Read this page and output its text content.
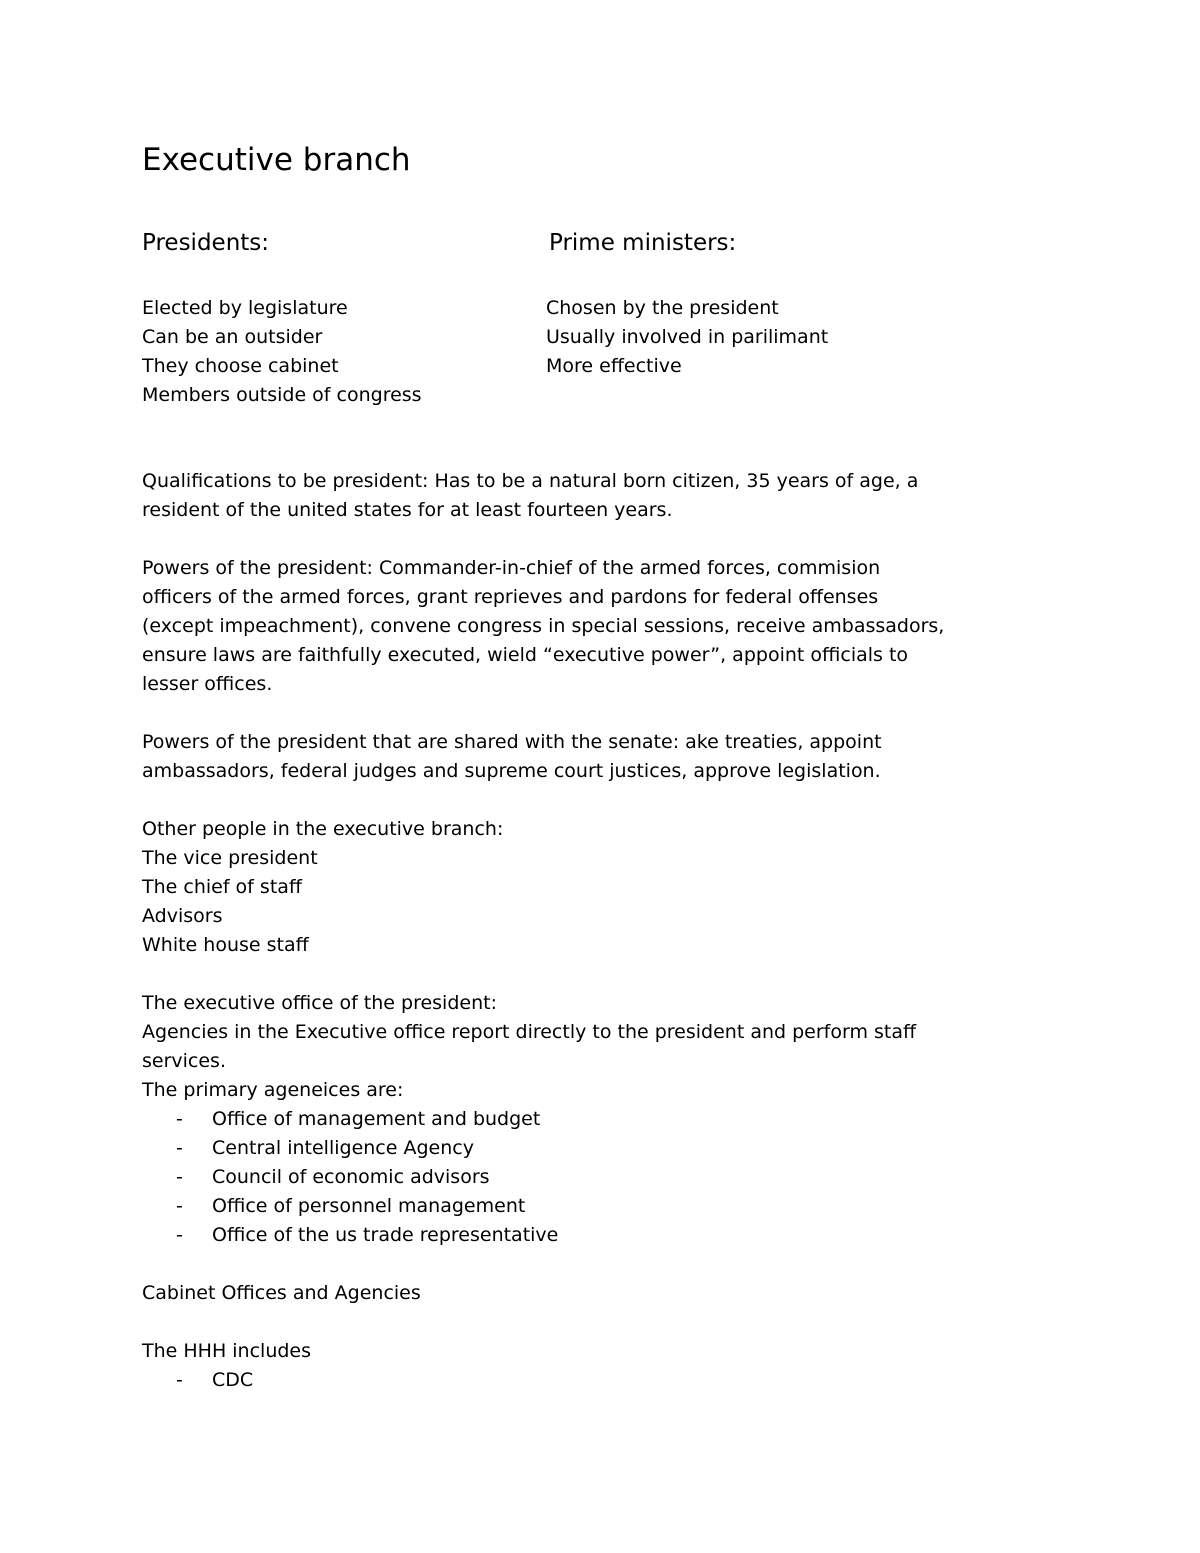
Executive branch
Presidents:	Prime ministers:
Elected by legislature
Can be an outsider
They choose cabinet
Members outside of congress
Chosen by the president
Usually involved in parilimant
More effective

Qualifications to be president: Has to be a natural born citizen, 35 years of age, a
resident of the united states for at least fourteen years.

Powers of the president: Commander-in-chief of the armed forces, commision
officers of the armed forces, grant reprieves and pardons for federal offenses
(except impeachment), convene congress in special sessions, receive ambassadors,
ensure laws are faithfully executed, wield “executive power”, appoint officials to
lesser offices.

Powers of the president that are shared with the senate: ake treaties, appoint
ambassadors, federal judges and supreme court justices, approve legislation.

Other people in the executive branch:
The vice president
The chief of staff
Advisors
White house staff

The executive office of the president:
Agencies in the Executive office report directly to the president and perform staff
services.
The primary ageneices are:

- Office of management and budget
- Central intelligence Agency
- Council of economic advisors
- Office of personnel management
- Office of the us trade representative

Cabinet Offices and Agencies

The HHH includes

- CDC
